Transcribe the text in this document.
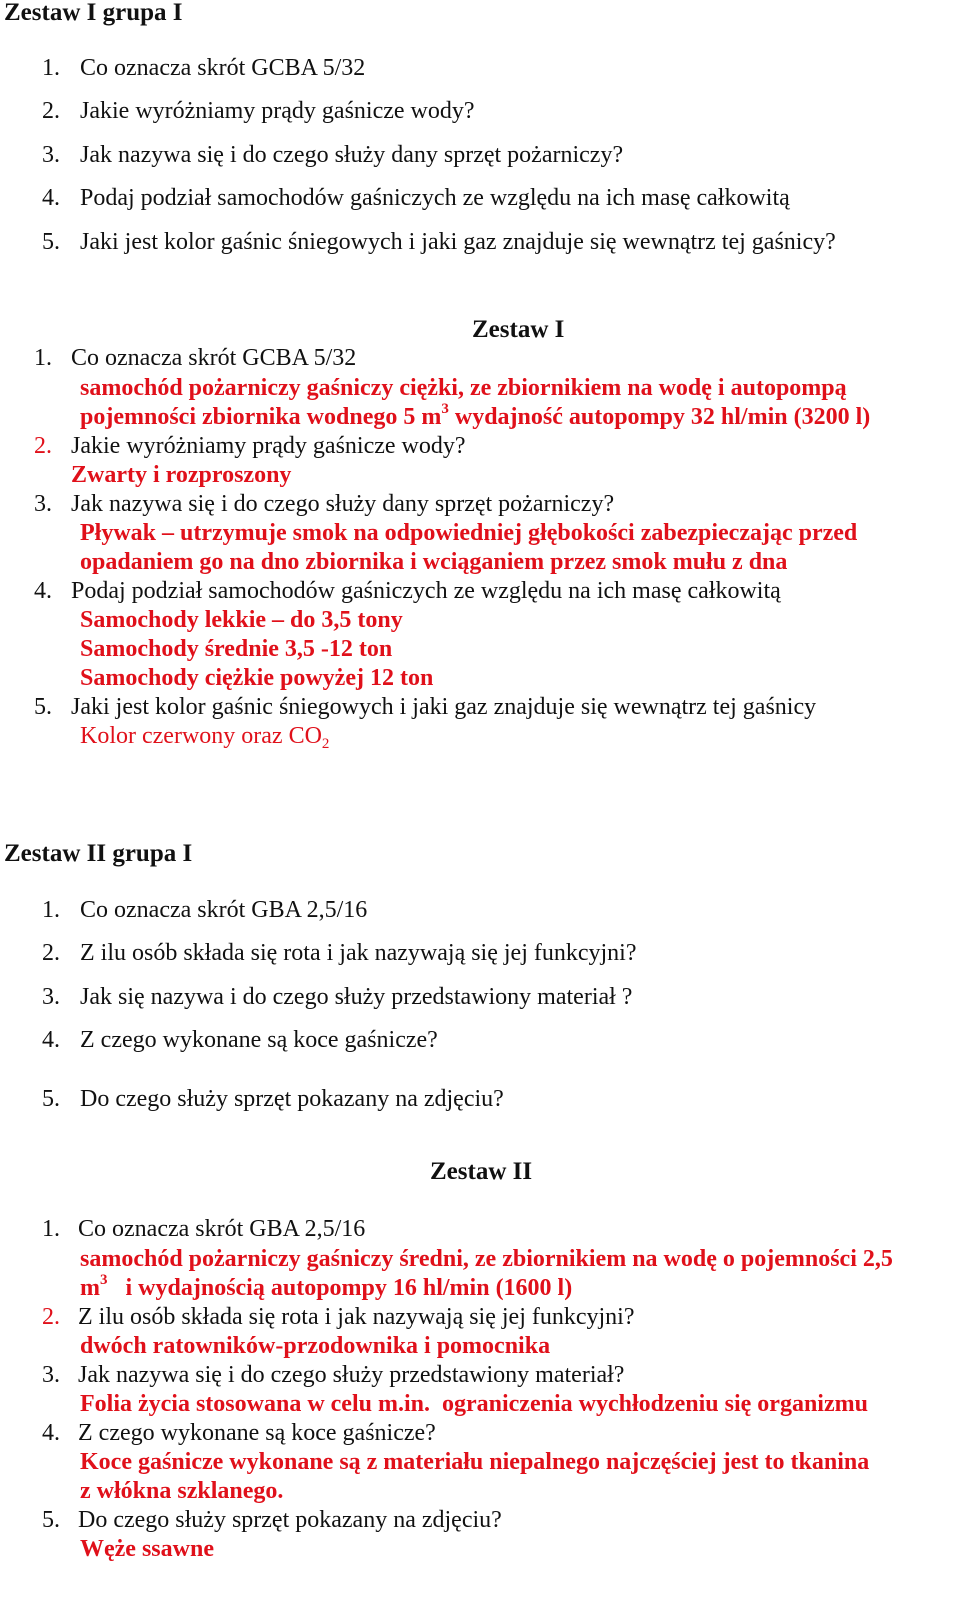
Zestaw I grupa I
1. Co oznacza skrót GCBA 5/32
2. Jakie wyróżniamy prądy gaśnicze wody?
3. Jak nazywa się i do czego służy dany sprzęt pożarniczy?
4. Podaj podział samochodów gaśniczych ze względu na ich masę całkowitą
5. Jaki jest kolor gaśnic śniegowych i jaki gaz znajduje się wewnątrz tej gaśnicy?
Zestaw I
1. Co oznacza skrót GCBA 5/32
samochód pożarniczy gaśniczy ciężki, ze zbiornikiem na wodę i autopompą
pojemności zbiornika wodnego 5 $m^3$ wydajność autopompy 32 hl/min (3200 l)
2. Jakie wyróżniamy prądy gaśnicze wody?
Zwarty i rozproszony
3. Jak nazywa się i do czego służy dany sprzęt pożarniczy?
Pływak – utrzymuje smok na odpowiedniej głębokości zabezpieczając przed
opadaniem go na dno zbiornika i wciąganiem przez smok mułu z dna
4. Podaj podział samochodów gaśniczych ze względu na ich masę całkowitą
Samochody lekkie – do 3,5 tony
Samochody średnie 3,5 -12 ton
Samochody ciężkie powyżej 12 ton
5. Jaki jest kolor gaśnic śniegowych i jaki gaz znajduje się wewnątrz tej gaśnicy
Kolor czerwony oraz $CO_2$
Zestaw II grupa I
1. Co oznacza skrót GBA 2,5/16
2. Z ilu osób składa się rota i jak nazywają się jej funkcyjni?
3. Jak się nazywa i do czego służy przedstawiony materiał ?
4. Z czego wykonane są koce gaśnicze?
5. Do czego służy sprzęt pokazany na zdjęciu?
Zestaw II
1. Co oznacza skrót GBA 2,5/16
samochód pożarniczy gaśniczy średni, ze zbiornikiem na wodę o pojemności 2,5
$m^3$   i wydajnością autopompy 16 hl/min (1600 l)
2. Z ilu osób składa się rota i jak nazywają się jej funkcyjni?
dwóch ratowników-przodownika i pomocnika
3. Jak nazywa się i do czego służy przedstawiony materiał?
Folia życia stosowana w celu m.in.  ograniczenia wychłodzeniu się organizmu
4. Z czego wykonane są koce gaśnicze?
Koce gaśnicze wykonane są z materiału niepalnego najczęściej jest to tkanina
z włókna szklanego.
5. Do czego służy sprzęt pokazany na zdjęciu?
Węże ssawne
